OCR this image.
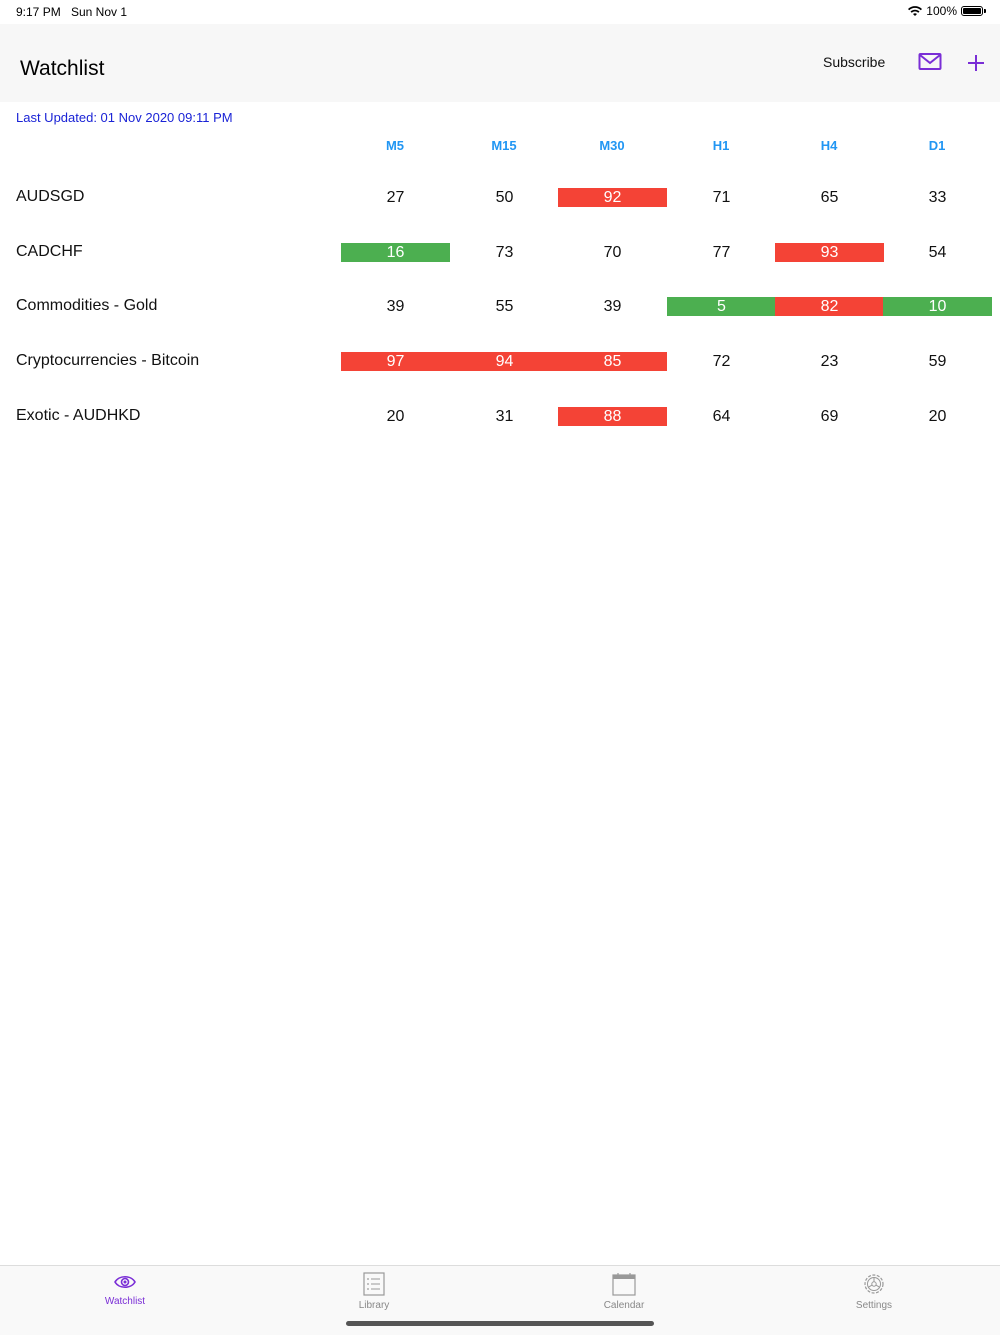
9:17 PM Sun Nov 1	100%
Watchlist	Subscribe
Last Updated: 01 Nov 2020 09:11 PM
M5	M15	M30	H1	H4	D1
AUDSGD	27	50	92	71	65	33
CADCHF	16	73	70	77	93	54
Commodities - Gold	39	55	39	5	82	10
Cryptocurrencies - Bitcoin	97	94	85	72	23	59
Exotic - AUDHKD	20	31	88	64	69	20
Watchlist	Library	Calendar	Settings
